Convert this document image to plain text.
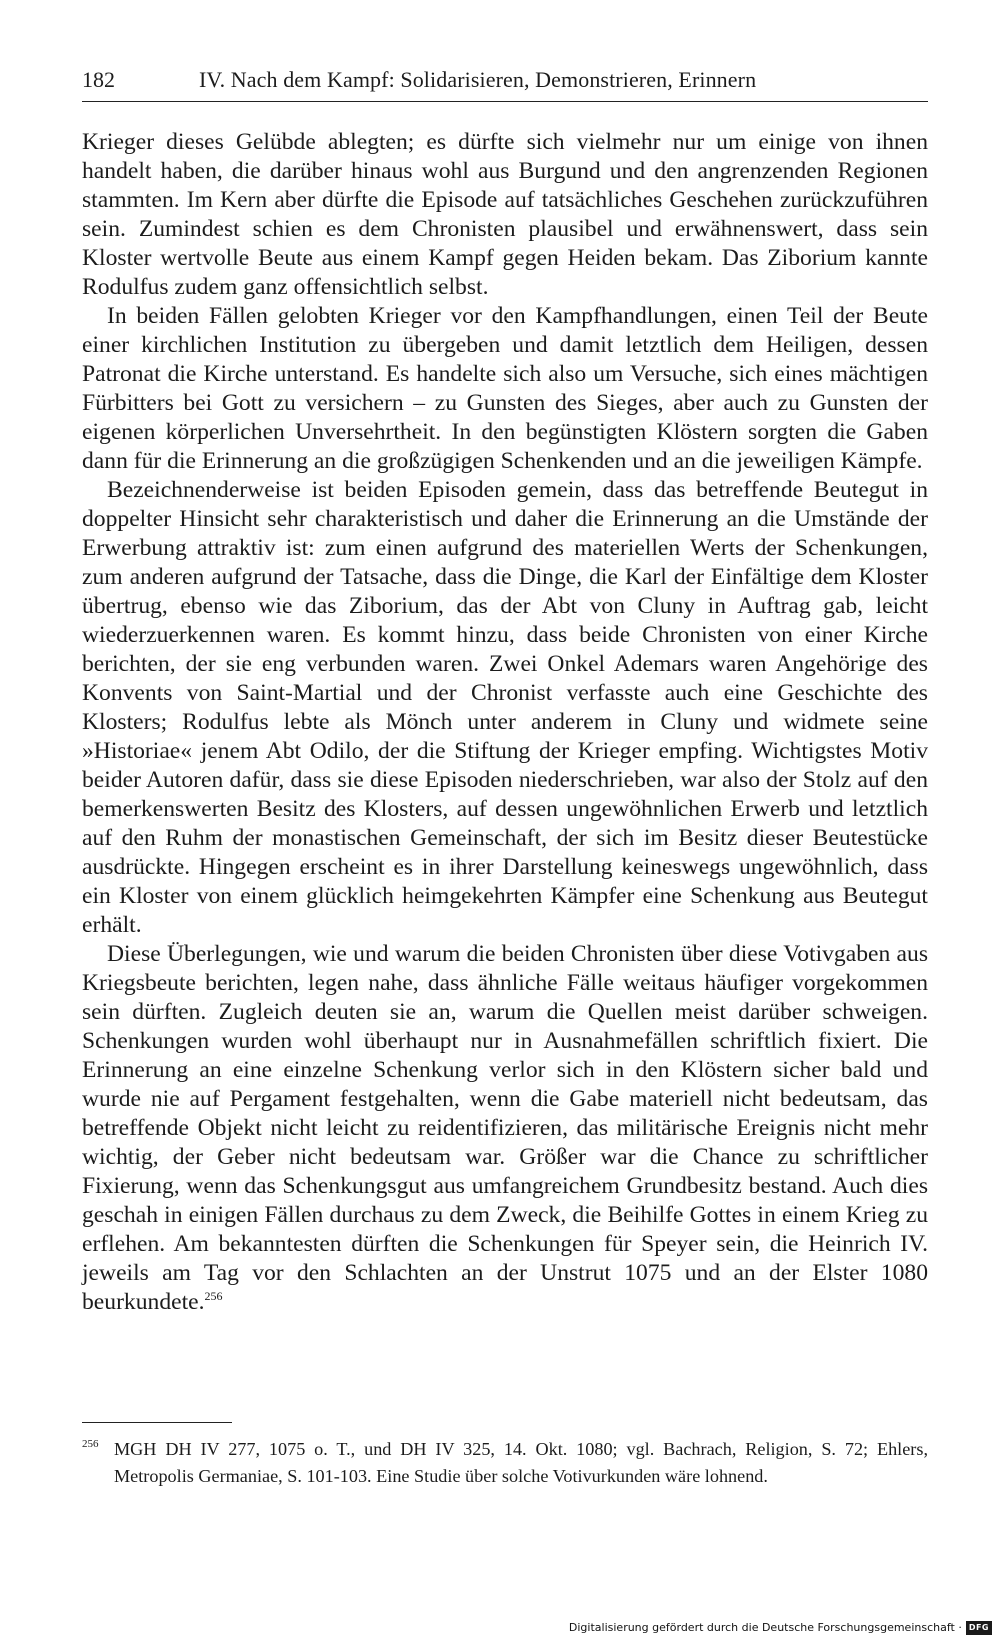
182	IV. Nach dem Kampf: Solidarisieren, Demonstrieren, Erinnern

Krieger dieses Gelübde ablegten; es dürfte sich vielmehr nur um einige von ihnen handelt haben, die darüber hinaus wohl aus Burgund und den angrenzenden Regionen stammten. Im Kern aber dürfte die Episode auf tatsächliches Geschehen zurückzuführen sein. Zumindest schien es dem Chronisten plausibel und erwähnenswert, dass sein Kloster wertvolle Beute aus einem Kampf gegen Heiden bekam. Das Ziborium kannte Rodulfus zudem ganz offensichtlich selbst.

In beiden Fällen gelobten Krieger vor den Kampfhandlungen, einen Teil der Beute einer kirchlichen Institution zu übergeben und damit letztlich dem Heiligen, dessen Patronat die Kirche unterstand. Es handelte sich also um Versuche, sich eines mächtigen Fürbitters bei Gott zu versichern – zu Gunsten des Sieges, aber auch zu Gunsten der eigenen körperlichen Unversehrtheit. In den begünstigten Klöstern sorgten die Gaben dann für die Erinnerung an die großzügigen Schenkenden und an die jeweiligen Kämpfe.

Bezeichnenderweise ist beiden Episoden gemein, dass das betreffende Beutegut in doppelter Hinsicht sehr charakteristisch und daher die Erinnerung an die Umstände der Erwerbung attraktiv ist: zum einen aufgrund des materiellen Werts der Schenkungen, zum anderen aufgrund der Tatsache, dass die Dinge, die Karl der Einfältige dem Kloster übertrug, ebenso wie das Ziborium, das der Abt von Cluny in Auftrag gab, leicht wiederzuerkennen waren. Es kommt hinzu, dass beide Chronisten von einer Kirche berichten, der sie eng verbunden waren. Zwei Onkel Ademars waren Angehörige des Konvents von Saint-Martial und der Chronist verfasste auch eine Geschichte des Klosters; Rodulfus lebte als Mönch unter anderem in Cluny und widmete seine »Historiae« jenem Abt Odilo, der die Stiftung der Krieger empfing. Wichtigstes Motiv beider Autoren dafür, dass sie diese Episoden niederschrieben, war also der Stolz auf den bemerkenswerten Besitz des Klosters, auf dessen ungewöhnlichen Erwerb und letztlich auf den Ruhm der monastischen Gemeinschaft, der sich im Besitz dieser Beutestücke ausdrückte. Hingegen erscheint es in ihrer Darstellung keineswegs ungewöhnlich, dass ein Kloster von einem glücklich heimgekehrten Kämpfer eine Schenkung aus Beutegut erhält.

Diese Überlegungen, wie und warum die beiden Chronisten über diese Votivgaben aus Kriegsbeute berichten, legen nahe, dass ähnliche Fälle weitaus häufiger vorgekommen sein dürften. Zugleich deuten sie an, warum die Quellen meist darüber schweigen. Schenkungen wurden wohl überhaupt nur in Ausnahmefällen schriftlich fixiert. Die Erinnerung an eine einzelne Schenkung verlor sich in den Klöstern sicher bald und wurde nie auf Pergament festgehalten, wenn die Gabe materiell nicht bedeutsam, das betreffende Objekt nicht leicht zu reidentifizieren, das militärische Ereignis nicht mehr wichtig, der Geber nicht bedeutsam war. Größer war die Chance zu schriftlicher Fixierung, wenn das Schenkungsgut aus umfangreichem Grundbesitz bestand. Auch dies geschah in einigen Fällen durchaus zu dem Zweck, die Beihilfe Gottes in einem Krieg zu erflehen. Am bekanntesten dürften die Schenkungen für Speyer sein, die Heinrich IV. jeweils am Tag vor den Schlachten an der Unstrut 1075 und an der Elster 1080 beurkundete.$^{256}$

256 MGH DH IV 277, 1075 o. T., und DH IV 325, 14. Okt. 1080; vgl. Bachrach, Religion, S. 72; Ehlers, Metropolis Germaniae, S. 101-103. Eine Studie über solche Votivurkunden wäre lohnend.
Digitalisierung gefördert durch die Deutsche Forschungsgemeinschaft · DFG
